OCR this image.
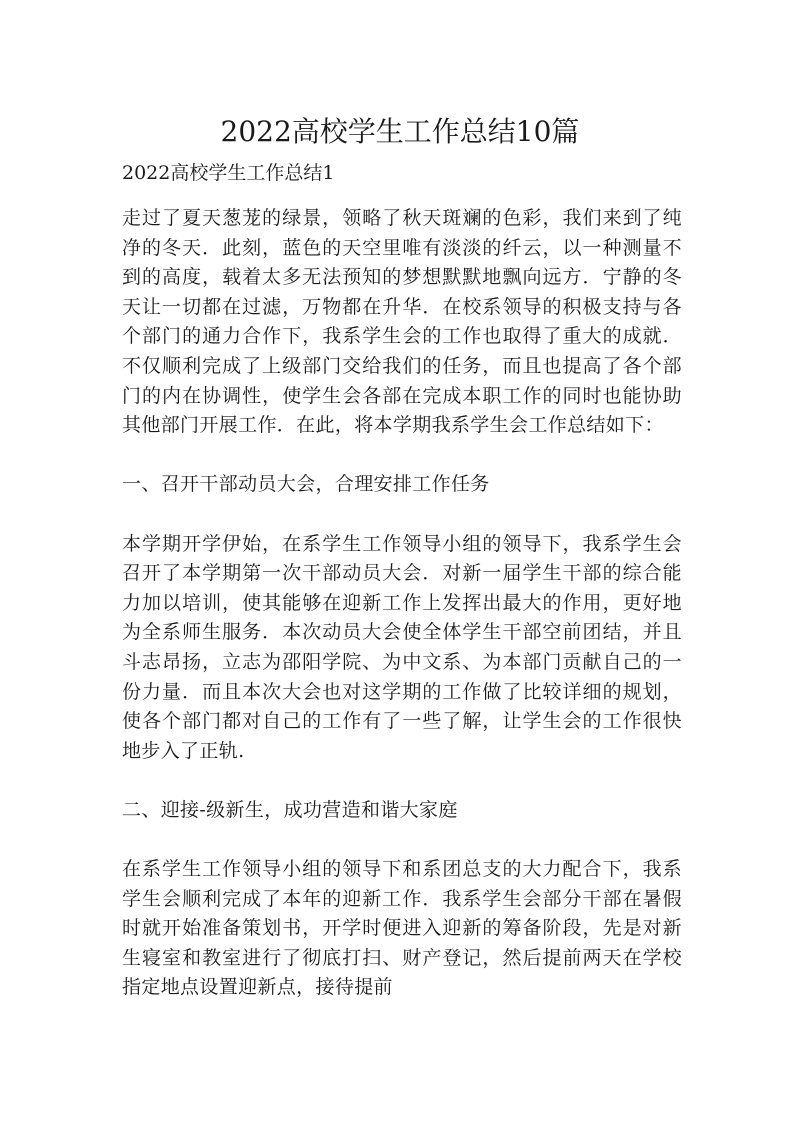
2022高校学生工作总结10篇
2022高校学生工作总结1

走过了夏天葱茏的绿景，领略了秋天斑斓的色彩，我们来到了纯净的冬天．此刻，蓝色的天空里唯有淡淡的纤云，以一种测量不到的高度，载着太多无法预知的梦想默默地飘向远方．宁静的冬天让一切都在过滤，万物都在升华．在校系领导的积极支持与各个部门的通力合作下，我系学生会的工作也取得了重大的成就．不仅顺利完成了上级部门交给我们的任务，而且也提高了各个部门的内在协调性，使学生会各部在完成本职工作的同时也能协助其他部门开展工作．在此，将本学期我系学生会工作总结如下：

一、召开干部动员大会，合理安排工作任务

本学期开学伊始，在系学生工作领导小组的领导下，我系学生会召开了本学期第一次干部动员大会．对新一届学生干部的综合能力加以培训，使其能够在迎新工作上发挥出最大的作用，更好地为全系师生服务．本次动员大会使全体学生干部空前团结，并且斗志昂扬，立志为邵阳学院、为中文系、为本部门贡献自己的一份力量．而且本次大会也对这学期的工作做了比较详细的规划，使各个部门都对自己的工作有了一些了解，让学生会的工作很快地步入了正轨.

二、迎接-级新生，成功营造和谐大家庭

在系学生工作领导小组的领导下和系团总支的大力配合下，我系学生会顺利完成了本年的迎新工作．我系学生会部分干部在暑假时就开始准备策划书，开学时便进入迎新的筹备阶段，先是对新生寝室和教室进行了彻底打扫、财产登记，然后提前两天在学校指定地点设置迎新点，接待提前
